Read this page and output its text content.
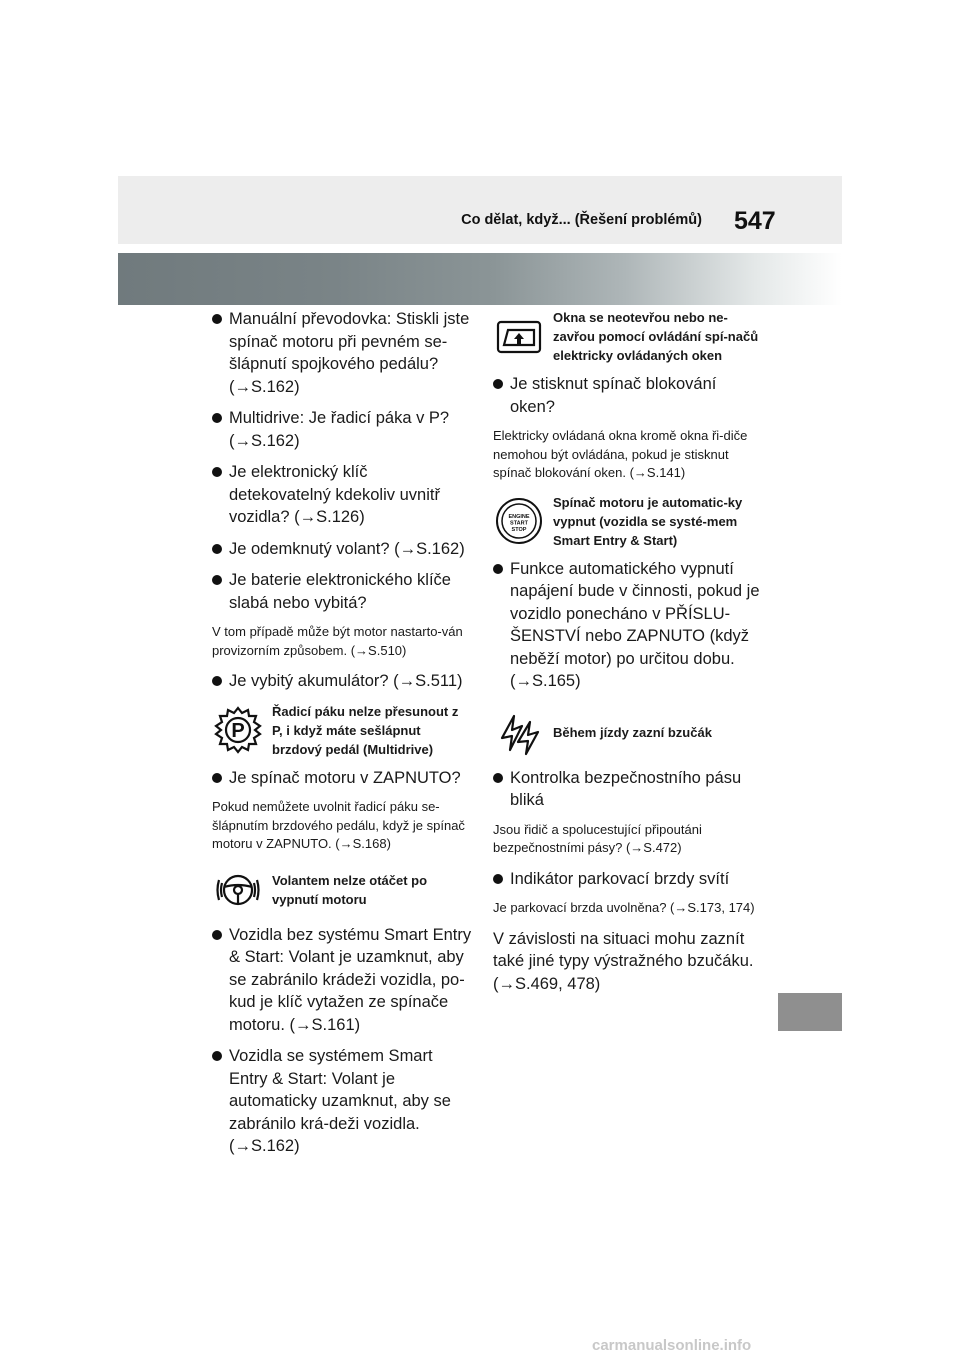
Co dělat, když... (Řešení problémů) 547
Manuální převodovka: Stiskli jste spínač motoru při pevném se-šlápnutí spojkového pedálu? (→S.162)
Multidrive: Je řadicí páka v P? (→S.162)
Je elektronický klíč detekovatelný kdekoliv uvnitř vozidla? (→S.126)
Je odemknutý volant? (→S.162)
Je baterie elektronického klíče slabá nebo vybitá?
V tom případě může být motor nastarto-ván provizorním způsobem. (→S.510)
Je vybitý akumulátor? (→S.511)
P
Řadicí páku nelze přesunout z P, i když máte sešlápnut brzdový pedál (Multidrive)
Je spínač motoru v ZAPNUTO?
Pokud nemůžete uvolnit řadicí páku se-šlápnutím brzdového pedálu, když je spínač motoru v ZAPNUTO. (→S.168)
Volantem nelze otáčet po vypnutí motoru
Vozidla bez systému Smart Entry & Start: Volant je uzamknut, aby se zabránilo krádeži vozidla, po-kud je klíč vytažen ze spínače motoru. (→S.161)
Vozidla se systémem Smart Entry & Start: Volant je automaticky uzamknut, aby se zabránilo krá-deži vozidla. (→S.162)
Okna se neotevřou nebo ne-zavřou pomocí ovládání spí-načů elektricky ovládaných oken
Je stisknut spínač blokování oken?
Elektricky ovládaná okna kromě okna ři-diče nemohou být ovládána, pokud je stisknut spínač blokování oken. (→S.141)
ENGINE
START
STOP
Spínač motoru je automatic-ky vypnut (vozidla se systé-mem Smart Entry & Start)
Funkce automatického vypnutí napájení bude v činnosti, pokud je vozidlo ponecháno v PŘÍSLU-ŠENSTVÍ nebo ZAPNUTO (když neběží motor) po určitou dobu. (→S.165)
Během jízdy zazní bzučák
Kontrolka bezpečnostního pásu bliká
Jsou řidič a spolucestující připoutáni bezpečnostními pásy? (→S.472)
Indikátor parkovací brzdy svítí
Je parkovací brzda uvolněna? (→S.173, 174)
V závislosti na situaci mohu zaznít také jiné typy výstražného bzučáku. (→S.469, 478)
carmanualsonline.info
